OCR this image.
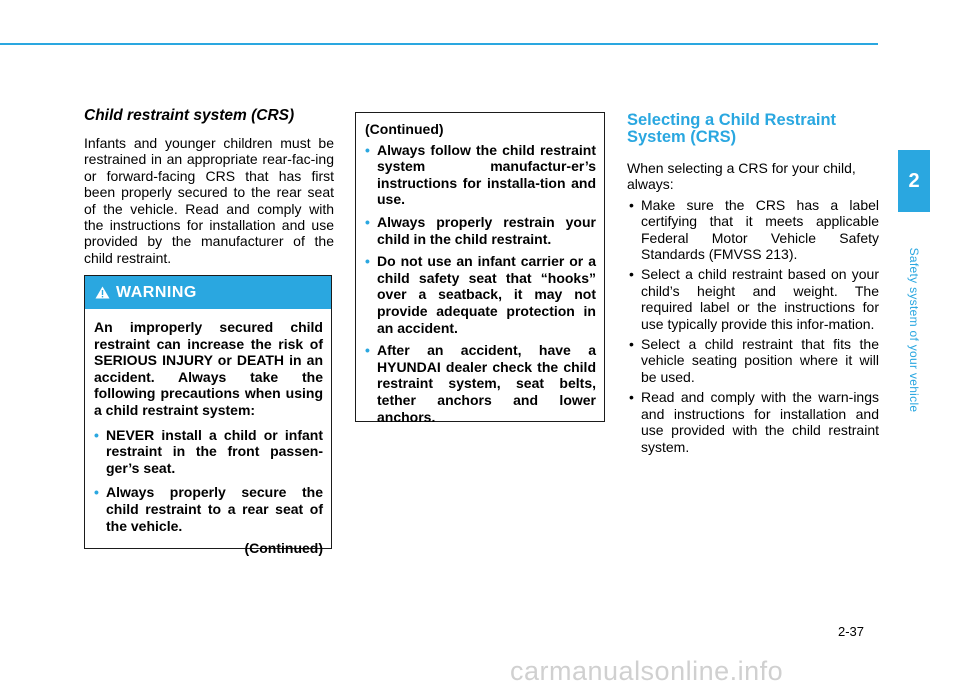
Child restraint system (CRS)

Infants and younger children must be restrained in an appropriate rear-fac-ing or forward-facing CRS that has first been properly secured to the rear seat of the vehicle. Read and comply with the instructions for installation and use provided by the manufacturer of the child restraint.

WARNING

An improperly secured child restraint can increase the risk of SERIOUS INJURY or DEATH in an accident. Always take the following precautions when using a child restraint system:

• NEVER install a child or infant restraint in the front passen-ger’s seat.
• Always properly secure the child restraint to a rear seat of the vehicle.
(Continued)
(Continued)
• Always follow the child restraint system manufactur-er’s instructions for installa-tion and use.
• Always properly restrain your child in the child restraint.
• Do not use an infant carrier or a child safety seat that “hooks” over a seatback, it may not provide adequate protection in an accident.
• After an accident, have a HYUNDAI dealer check the child restraint system, seat belts, tether anchors and lower anchors.
Selecting a Child Restraint System (CRS)

When selecting a CRS for your child, always:

• Make sure the CRS has a label certifying that it meets applicable Federal Motor Vehicle Safety Standards (FMVSS 213).
• Select a child restraint based on your child’s height and weight. The required label or the instructions for use typically provide this infor-mation.
• Select a child restraint that fits the vehicle seating position where it will be used.
• Read and comply with the warn-ings and instructions for installation and use provided with the child restraint system.
2
Safety system of your vehicle
2-37
carmanualsonline.info
